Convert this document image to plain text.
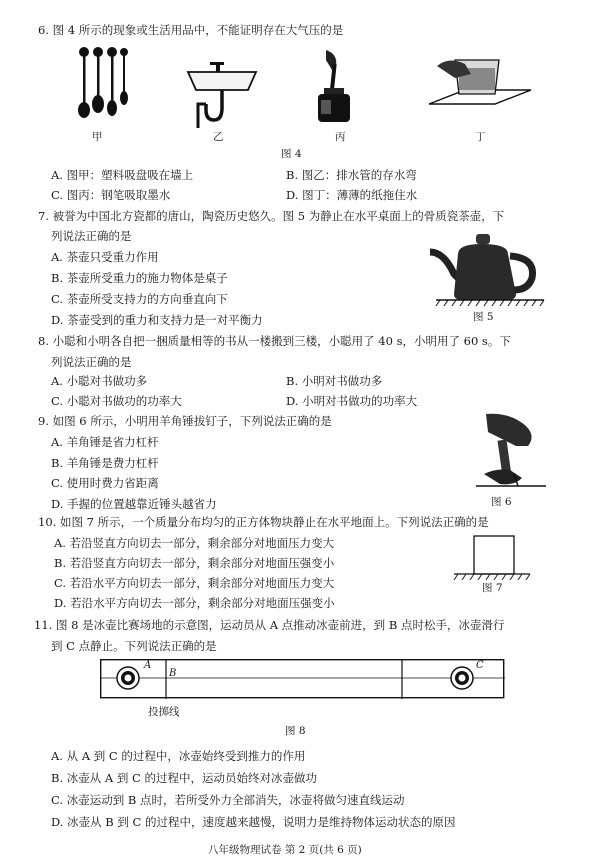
6. 图 4 所示的现象或生活用品中，不能证明存在大气压的是
甲	乙	丙	丁
图 4
A. 图甲：塑料吸盘吸在墙上	B. 图乙：排水管的存水弯
C. 图丙：钢笔吸取墨水	D. 图丁：薄薄的纸拖住水
7. 被誉为中国北方瓷都的唐山，陶瓷历史悠久。图 5 为静止在水平桌面上的骨质瓷茶壶，下
列说法正确的是
A. 茶壶只受重力作用
B. 茶壶所受重力的施力物体是桌子
C. 茶壶所受支持力的方向垂直向下
D. 茶壶受到的重力和支持力是一对平衡力	图 5
8. 小聪和小明各自把一捆质量相等的书从一楼搬到三楼，小聪用了 40 s，小明用了 60 s。下
列说法正确的是
A. 小聪对书做功多	B. 小明对书做功多
C. 小聪对书做功的功率大	D. 小明对书做功的功率大
9. 如图 6 所示，小明用羊角锤拔钉子，下列说法正确的是
A. 羊角锤是省力杠杆
B. 羊角锤是费力杠杆
C. 使用时费力省距离
D. 手握的位置越靠近锤头越省力	图 6
10. 如图 7 所示，一个质量分布均匀的正方体物块静止在水平地面上。下列说法正确的是
A. 若沿竖直方向切去一部分，剩余部分对地面压力变大
B. 若沿竖直方向切去一部分，剩余部分对地面压强变小
C. 若沿水平方向切去一部分，剩余部分对地面压力变大
D. 若沿水平方向切去一部分，剩余部分对地面压强变小
图 7
11. 图 8 是冰壶比赛场地的示意图，运动员从 A 点推动冰壶前进，到 B 点时松手，冰壶滑行
到 C 点静止。下列说法正确的是
A
B
C
投掷线
图 8
A. 从 A 到 C 的过程中，冰壶始终受到推力的作用
B. 冰壶从 A 到 C 的过程中，运动员始终对冰壶做功
C. 冰壶运动到 B 点时，若所受外力全部消失，冰壶将做匀速直线运动
D. 冰壶从 B 到 C 的过程中，速度越来越慢，说明力是维持物体运动状态的原因
八年级物理试卷 第 2 页(共 6 页)
